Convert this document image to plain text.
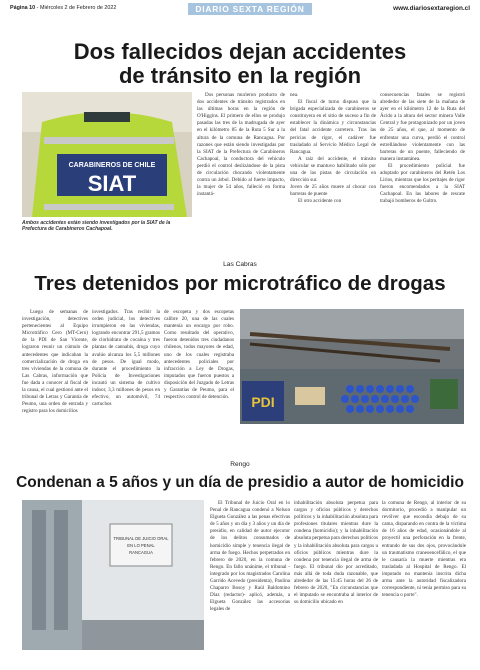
Página 10 - Miércoles 2 de Febrero de 2022	DIARIO SEXTA REGIÓN	www.diariosextaregion.cl
Dos fallecidos dejan accidentes
de tránsito en la región
CARABINEROS DE CHILE
SIAT
Ambos accidentes están siendo investigados por la SIAT de la Prefectura de Carabineros Cachapoal.

Dos personas murieron producto de dos accidentes de tránsito registrados en las últimas horas en la región de O'Higgins. El primero de ellos se produjo pasadas las tres de la madrugada de ayer en el kilómetro 85 de la Ruta 5 Sur a la altura de la comuna de Rancagua. Por razones que están siendo investigadas por la SIAT de la Prefectura de Carabineros Cachapoal, la conductora del vehículo perdió el control deslizándose de la pista de circulación chocando violentamente contra un árbol. Debido al fuerte impacto, la mujer de 54 años, falleció en forma instantá-

nea.

El fiscal de turno dispuso que la brigada especializada de carabineros se constituyera en el sitio de suceso a fin de establecer la dinámica y circunstancias del fatal accidente carretero. Tras las pericias de rigor, el cadáver fue trasladado al Servicio Médico Legal de Rancagua.

A raíz del accidente, el tránsito vehicular se mantuvo habilitado sólo por una de las pistas de circulación en dirección sur.

Joven de 25 años muere al chocar con barreras de puente

El otro accidente con

consecuencias fatales se registró alrededor de las siete de la mañana de ayer en el kilómetro 12 de la Ruta del Ácido a la altura del sector minera Valle Central y fue protagonizado por un joven de 25 años, el que, al momento de enfrentar una curva, perdió el control estrellándose violentamente con las barreras de un puente, falleciendo de manera instantánea.

El procedimiento policial fue adoptado por carabineros del Retén Los Lirios, mientras que los peritajes de rigor fueron encomendados a la SIAT Cachapoal. En las labores de rescate trabajó bomberos de Gultro.

Las Cabras
Tres detenidos por microtráfico de drogas

Luego de semanas de investigación, detectives pertenecientes al Equipo Microtráfico Cero (MT-Cero) de la PDI de San Vicente, lograron reunir un cúmulo de antecedentes que indicaban la comercialización de droga en tres viviendas de la comuna de Las Cabras, información que fue dada a conocer al fiscal de la causa, el cual gestionó ante el tribunal de Letras y Garantía de Peumo, una orden de entrada y registro para los domicilios

investigados. Tras recibir la orden judicial, los detectives irrumpieron en las viviendas, logrando encontrar 291,5 gramos de clorhidrato de cocaína y tres plantas de cannabis, droga cuyo avalúo alcanza los 5,5 millones de pesos. De igual modo, durante el procedimiento la Policía de Investigaciones incautó un sistema de cultivo indoor, 3,3 millones de pesos en efectivo, un automóvil, 74 cartuchos

de escopeta y dos escopetas calibre 20, una de las cuales mantenía un encargo por robo. Como resultado del operativo, fueron detenidos tres ciudadanos chilenos, todos mayores de edad, uno de los cuales registraba antecedentes policiales por infracción a Ley de Drogas, imputados que fueron puestos a disposición del Juzgado de Letras y Garantías de Peumo, para el respectivo control de detención.	PDI
Rengo
Condenan a 5 años y un día de presidio a autor de homicidio
TRIBUNAL DE JUICIO ORAL
EN LO PENAL
RANCAGUA

El Tribunal de Juicio Oral en lo Penal de Rancagua condenó a Nelson Elgueta González a las penas efectivas de 5 años y un día y 3 años y un día de presidio, en calidad de autor ejecutor de los delitos consumados de homicidio simple y tenencia ilegal de arma de fuego. Hechos perpetrados en febrero de 2020, en la comuna de Rengo. En fallo unánime, el tribunal -integrado por los magistrados Carolina Garrido Acevedo (presidenta), Paulina Chaparro Bosoy y Raúl Baldomino Díaz (redactor)- aplicó, además, a Elgueta González las accesorias legales de

inhabilitación absoluta perpetua para cargos y oficios públicos y derechos políticos y la inhabilitación absoluta para profesiones titulares mientras dure la condena (homicidio); y la inhabilitación absoluta perpetua para derechos políticos y la inhabilitación absoluta para cargos u oficios públicos mientras dure la condena por tenencia ilegal de arma de fuego. El tribunal dio por acreditado, más allá de toda duda razonable, que alrededor de las 15:45 horas del 26 de febrero de 2020, "En circunstancias que el imputado se encontraba al interior de su domicilio ubicado en

la comuna de Rengo, al interior de su dormitorio, procedió a manipular un revólver que escondía debajo de su cama, disparando en contra de la víctima de 16 años de edad, ocasionándole al proyectil una perforación en la frente, entrando de sus dos ojos, provocándole un traumatismo craneoencefálico, el que le causaría la muerte mientras era trasladada al Hospital de Rengo. El imputado no mantenía inscrita dicha arma ante la autoridad fiscalizadora correspondiente, ni tenía permiso para su tenencia o porte".
